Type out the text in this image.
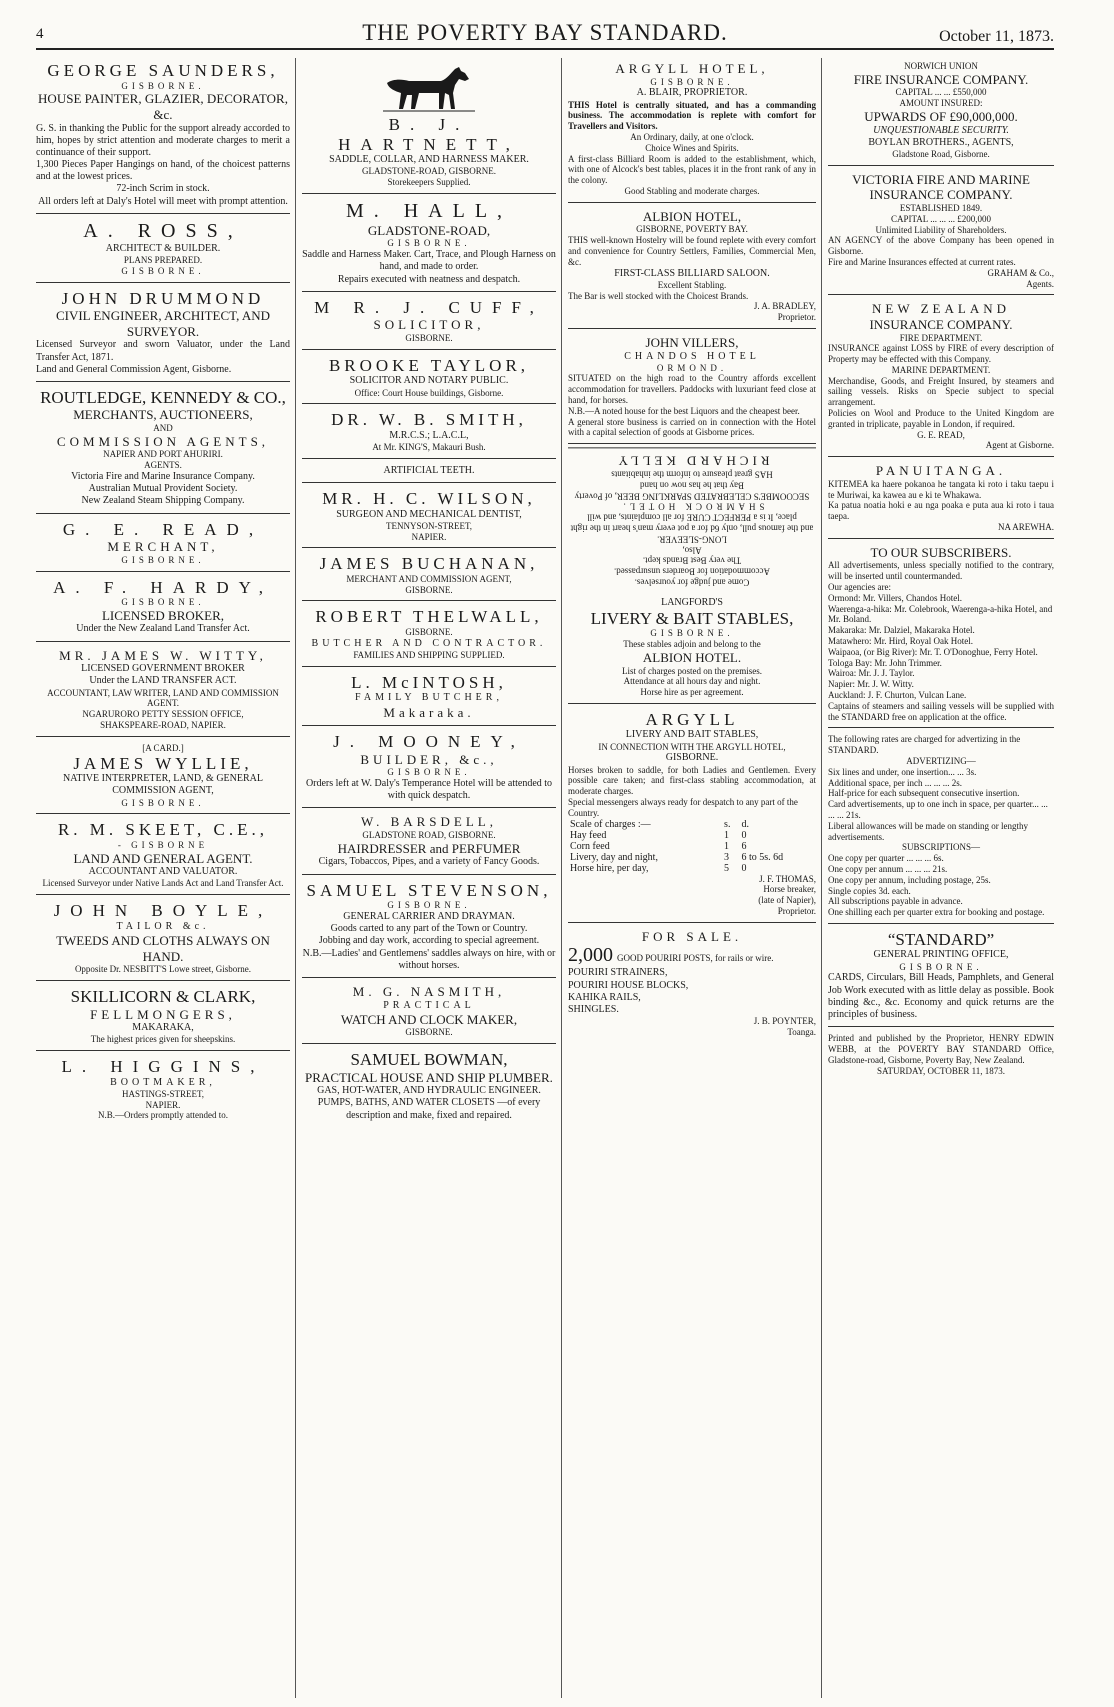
4	THE POVERTY BAY STANDARD.	October 11, 1873.
GEORGE SAUNDERS,
GISBORNE.
HOUSE PAINTER, GLAZIER, DECORATOR, &c.
G. S. in thanking the Public for the support already accorded to him, hopes by strict attention and moderate charges to merit a continuance of their support.
1,300 Pieces Paper Hangings on hand, of the choicest patterns and at the lowest prices.
72-inch Scrim in stock.
All orders left at Daly's Hotel will meet with prompt attention.
A. ROSS,
ARCHITECT & BUILDER.
PLANS PREPARED.
GISBORNE.
JOHN DRUMMOND
CIVIL ENGINEER, ARCHITECT, AND SURVEYOR.
Licensed Surveyor and sworn Valuator, under the Land Transfer Act, 1871.
Land and General Commission Agent, Gisborne.
ROUTLEDGE, KENNEDY & CO.,
MERCHANTS, AUCTIONEERS,
AND
COMMISSION AGENTS,
NAPIER AND PORT AHURIRI.
AGENTS.
Victoria Fire and Marine Insurance Company.
Australian Mutual Provident Society.
New Zealand Steam Shipping Company.
G. E. READ,
MERCHANT,
GISBORNE.
A. F. HARDY,
GISBORNE.
LICENSED BROKER,
Under the New Zealand Land Transfer Act.
MR. JAMES W. WITTY,
LICENSED GOVERNMENT BROKER
Under the LAND TRANSFER ACT.
ACCOUNTANT, LAW WRITER, LAND AND COMMISSION AGENT.
NGARURORO PETTY SESSION OFFICE,
SHAKSPEARE-ROAD, NAPIER.
[A CARD.]
JAMES WYLLIE,
NATIVE INTERPRETER, LAND, & GENERAL COMMISSION AGENT,
GISBORNE.
R. M. SKEET, C.E.,
- GISBORNE
LAND AND GENERAL AGENT.
ACCOUNTANT AND VALUATOR.
Licensed Surveyor under Native Lands Act and Land Transfer Act.
JOHN BOYLE,
TAILOR &c.
TWEEDS AND CLOTHS ALWAYS ON HAND.
Opposite Dr. NESBITT'S Lowe street, Gisborne.
SKILLICORN & CLARK,
FELLMONGERS,
MAKARAKA,
The highest prices given for sheepskins.
L. HIGGINS,
BOOTMAKER,
HASTINGS-STREET,
NAPIER.
N.B.—Orders promptly attended to.
B. J. HARTNETT,
SADDLE, COLLAR, AND HARNESS MAKER.
GLADSTONE-ROAD, GISBORNE.
Storekeepers Supplied.
M. HALL,
GLADSTONE-ROAD,
GISBORNE.
Saddle and Harness Maker. Cart, Trace, and Plough Harness on hand, and made to order.
Repairs executed with neatness and despatch.
M R. J. CUFF,
SOLICITOR,
GISBORNE.
BROOKE TAYLOR,
SOLICITOR AND NOTARY PUBLIC.
Office: Court House buildings, Gisborne.
DR. W. B. SMITH,
M.R.C.S.; L.A.C.L,
At Mr. KING'S, Makauri Bush.
ARTIFICIAL TEETH.
MR. H. C. WILSON,
SURGEON AND MECHANICAL DENTIST,
TENNYSON-STREET,
NAPIER.
JAMES BUCHANAN,
MERCHANT AND COMMISSION AGENT,
GISBORNE.
ROBERT THELWALL,
GISBORNE.
BUTCHER AND CONTRACTOR.
FAMILIES AND SHIPPING SUPPLIED.
L. McINTOSH,
FAMILY BUTCHER,
Makaraka.
J. MOONEY,
BUILDER, &c.,
GISBORNE.
Orders left at W. Daly's Temperance Hotel will be attended to with quick despatch.
W. BARSDELL,
GLADSTONE ROAD, GISBORNE.
HAIRDRESSER and PERFUMER
Cigars, Tobaccos, Pipes, and a variety of Fancy Goods.
SAMUEL STEVENSON,
GISBORNE.
GENERAL CARRIER AND DRAYMAN.
Goods carted to any part of the Town or Country.
Jobbing and day work, according to special agreement.
N.B.—Ladies' and Gentlemens' saddles always on hire, with or without horses.
M. G. NASMITH,
PRACTICAL
WATCH AND CLOCK MAKER,
GISBORNE.
SAMUEL BOWMAN,
PRACTICAL HOUSE AND SHIP PLUMBER.
GAS, HOT-WATER, AND HYDRAULIC ENGINEER.
PUMPS, BATHS, AND WATER CLOSETS —of every description and make, fixed and repaired.
ARGYLL HOTEL,
GISBORNE.
A. BLAIR, PROPRIETOR.
THIS Hotel is centrally situated, and has a commanding business. The accommodation is replete with comfort for Travellers and Visitors.
An Ordinary, daily, at one o'clock.
Choice Wines and Spirits.
A first-class Billiard Room is added to the establishment, which, with one of Alcock's best tables, places it in the front rank of any in the colony.
Good Stabling and moderate charges.
ALBION HOTEL,
GISBORNE, POVERTY BAY.
THIS well-known Hostelry will be found replete with every comfort and convenience for Country Settlers, Families, Commercial Men, &c.
FIRST-CLASS BILLIARD SALOON.
Excellent Stabling.
The Bar is well stocked with the Choicest Brands.
J. A. BRADLEY,
Proprietor.
JOHN VILLERS,
CHANDOS HOTEL
ORMOND.
SITUATED on the high road to the Country affords excellent accommodation for travellers. Paddocks with luxuriant feed close at hand, for horses.
N.B.—A noted house for the best Liquors and the cheapest beer.
A general store business is carried on in connection with the Hotel with a capital selection of goods at Gisborne prices.
Come and judge for yourselves.
Accommodation for Boarders unsurpassed.
The very Best Brands kept.
Also,
LONG-SLEEVER.
and the famous pull, only 6d for a pot every man's heart in the right place, It is a PERFECT CURE for all complaints, and will
SHAMROCK HOTEL.
SECOOMBE'S CELEBRATED SPARKLING BEER, of Poverty Bay that he has now on hand
HAS great pleasure to inform the inhabitants
RICHARD KELLY
LANGFORD'S
LIVERY & BAIT STABLES,
GISBORNE.
These stables adjoin and belong to the
ALBION HOTEL.
List of charges posted on the premises.
Attendance at all hours day and night.
Horse hire as per agreement.
ARGYLL
LIVERY AND BAIT STABLES,
IN CONNECTION WITH THE ARGYLL HOTEL,
GISBORNE.
Horses broken to saddle, for both Ladies and Gentlemen. Every possible care taken; and first-class stabling accommodation, at moderate charges.
Special messengers always ready for despatch to any part of the Country.
Scale of charges :—	s.	d.
Hay feed	1	0
Corn feed	1	6
Livery, day and night,	3	6 to 5s. 6d
Horse hire, per day,	5	0
J. F. THOMAS,
Horse breaker,
(late of Napier),
Proprietor.
FOR SALE.
2,000 GOOD POURIRI POSTS, for rails or wire.
POURIRI STRAINERS,
POURIRI HOUSE BLOCKS,
KAHIKA RAILS,
SHINGLES.
J. B. POYNTER,
Toanga.
NORWICH UNION
FIRE INSURANCE COMPANY.
CAPITAL ... ... £550,000
AMOUNT INSURED:
UPWARDS OF £90,000,000.
UNQUESTIONABLE SECURITY.
BOYLAN BROTHERS., AGENTS,
Gladstone Road, Gisborne.
VICTORIA FIRE AND MARINE INSURANCE COMPANY.
ESTABLISHED 1849.
CAPITAL ... ... ... £200,000
Unlimited Liability of Shareholders.
AN AGENCY of the above Company has been opened in Gisborne.
Fire and Marine Insurances effected at current rates.
GRAHAM & Co.,
Agents.
NEW ZEALAND
INSURANCE COMPANY.
FIRE DEPARTMENT.
INSURANCE against LOSS by FIRE of every description of Property may be effected with this Company.
MARINE DEPARTMENT.
Merchandise, Goods, and Freight Insured, by steamers and sailing vessels. Risks on Specie subject to special arrangement.
Policies on Wool and Produce to the United Kingdom are granted in triplicate, payable in London, if required.
G. E. READ,
Agent at Gisborne.
PANUITANGA.
KITEMEA ka haere pokanoa he tangata ki roto i taku taepu i te Muriwai, ka kawea au e ki te Whakawa.
Ka patua noatia hoki e au nga poaka e puta aua ki roto i taua taepa.
NA AREWHA.
TO OUR SUBSCRIBERS.
All advertisements, unless specially notified to the contrary, will be inserted until countermanded.
Our agencies are:
Ormond: Mr. Villers, Chandos Hotel.
Waerenga-a-hika: Mr. Colebrook, Waerenga-a-hika Hotel, and Mr. Boland.
Makaraka: Mr. Dalziel, Makaraka Hotel.
Matawhero: Mr. Hird, Royal Oak Hotel.
Waipaoa, (or Big River): Mr. T. O'Donoghue, Ferry Hotel.
Tologa Bay: Mr. John Trimmer.
Wairoa: Mr. J. J. Taylor.
Napier: Mr. J. W. Witty.
Auckland: J. F. Churton, Vulcan Lane.
Captains of steamers and sailing vessels will be supplied with the STANDARD free on application at the office.
The following rates are charged for advertizing in the STANDARD.
ADVERTIZING—
Six lines and under, one insertion... ... 3s.
Additional space, per inch ... ... ... 2s.
Half-price for each subsequent consecutive insertion.
Card advertisements, up to one inch in space, per quarter... ... ... ... 21s.
Liberal allowances will be made on standing or lengthy advertisements.
SUBSCRIPTIONS—
One copy per quarter ... ... ... 6s.
One copy per annum ... ... ... 21s.
One copy per annum, including postage, 25s.
Single copies 3d. each.
All subscriptions payable in advance.
One shilling each per quarter extra for booking and postage.
“STANDARD”
GENERAL PRINTING OFFICE,
GISBORNE.
CARDS, Circulars, Bill Heads, Pamphlets, and General Job Work executed with as little delay as possible. Book binding &c., &c. Economy and quick returns are the principles of business.
Printed and published by the Proprietor, HENRY EDWIN WEBB, at the POVERTY BAY STANDARD Office, Gladstone-road, Gisborne, Poverty Bay, New Zealand.
SATURDAY, OCTOBER 11, 1873.
